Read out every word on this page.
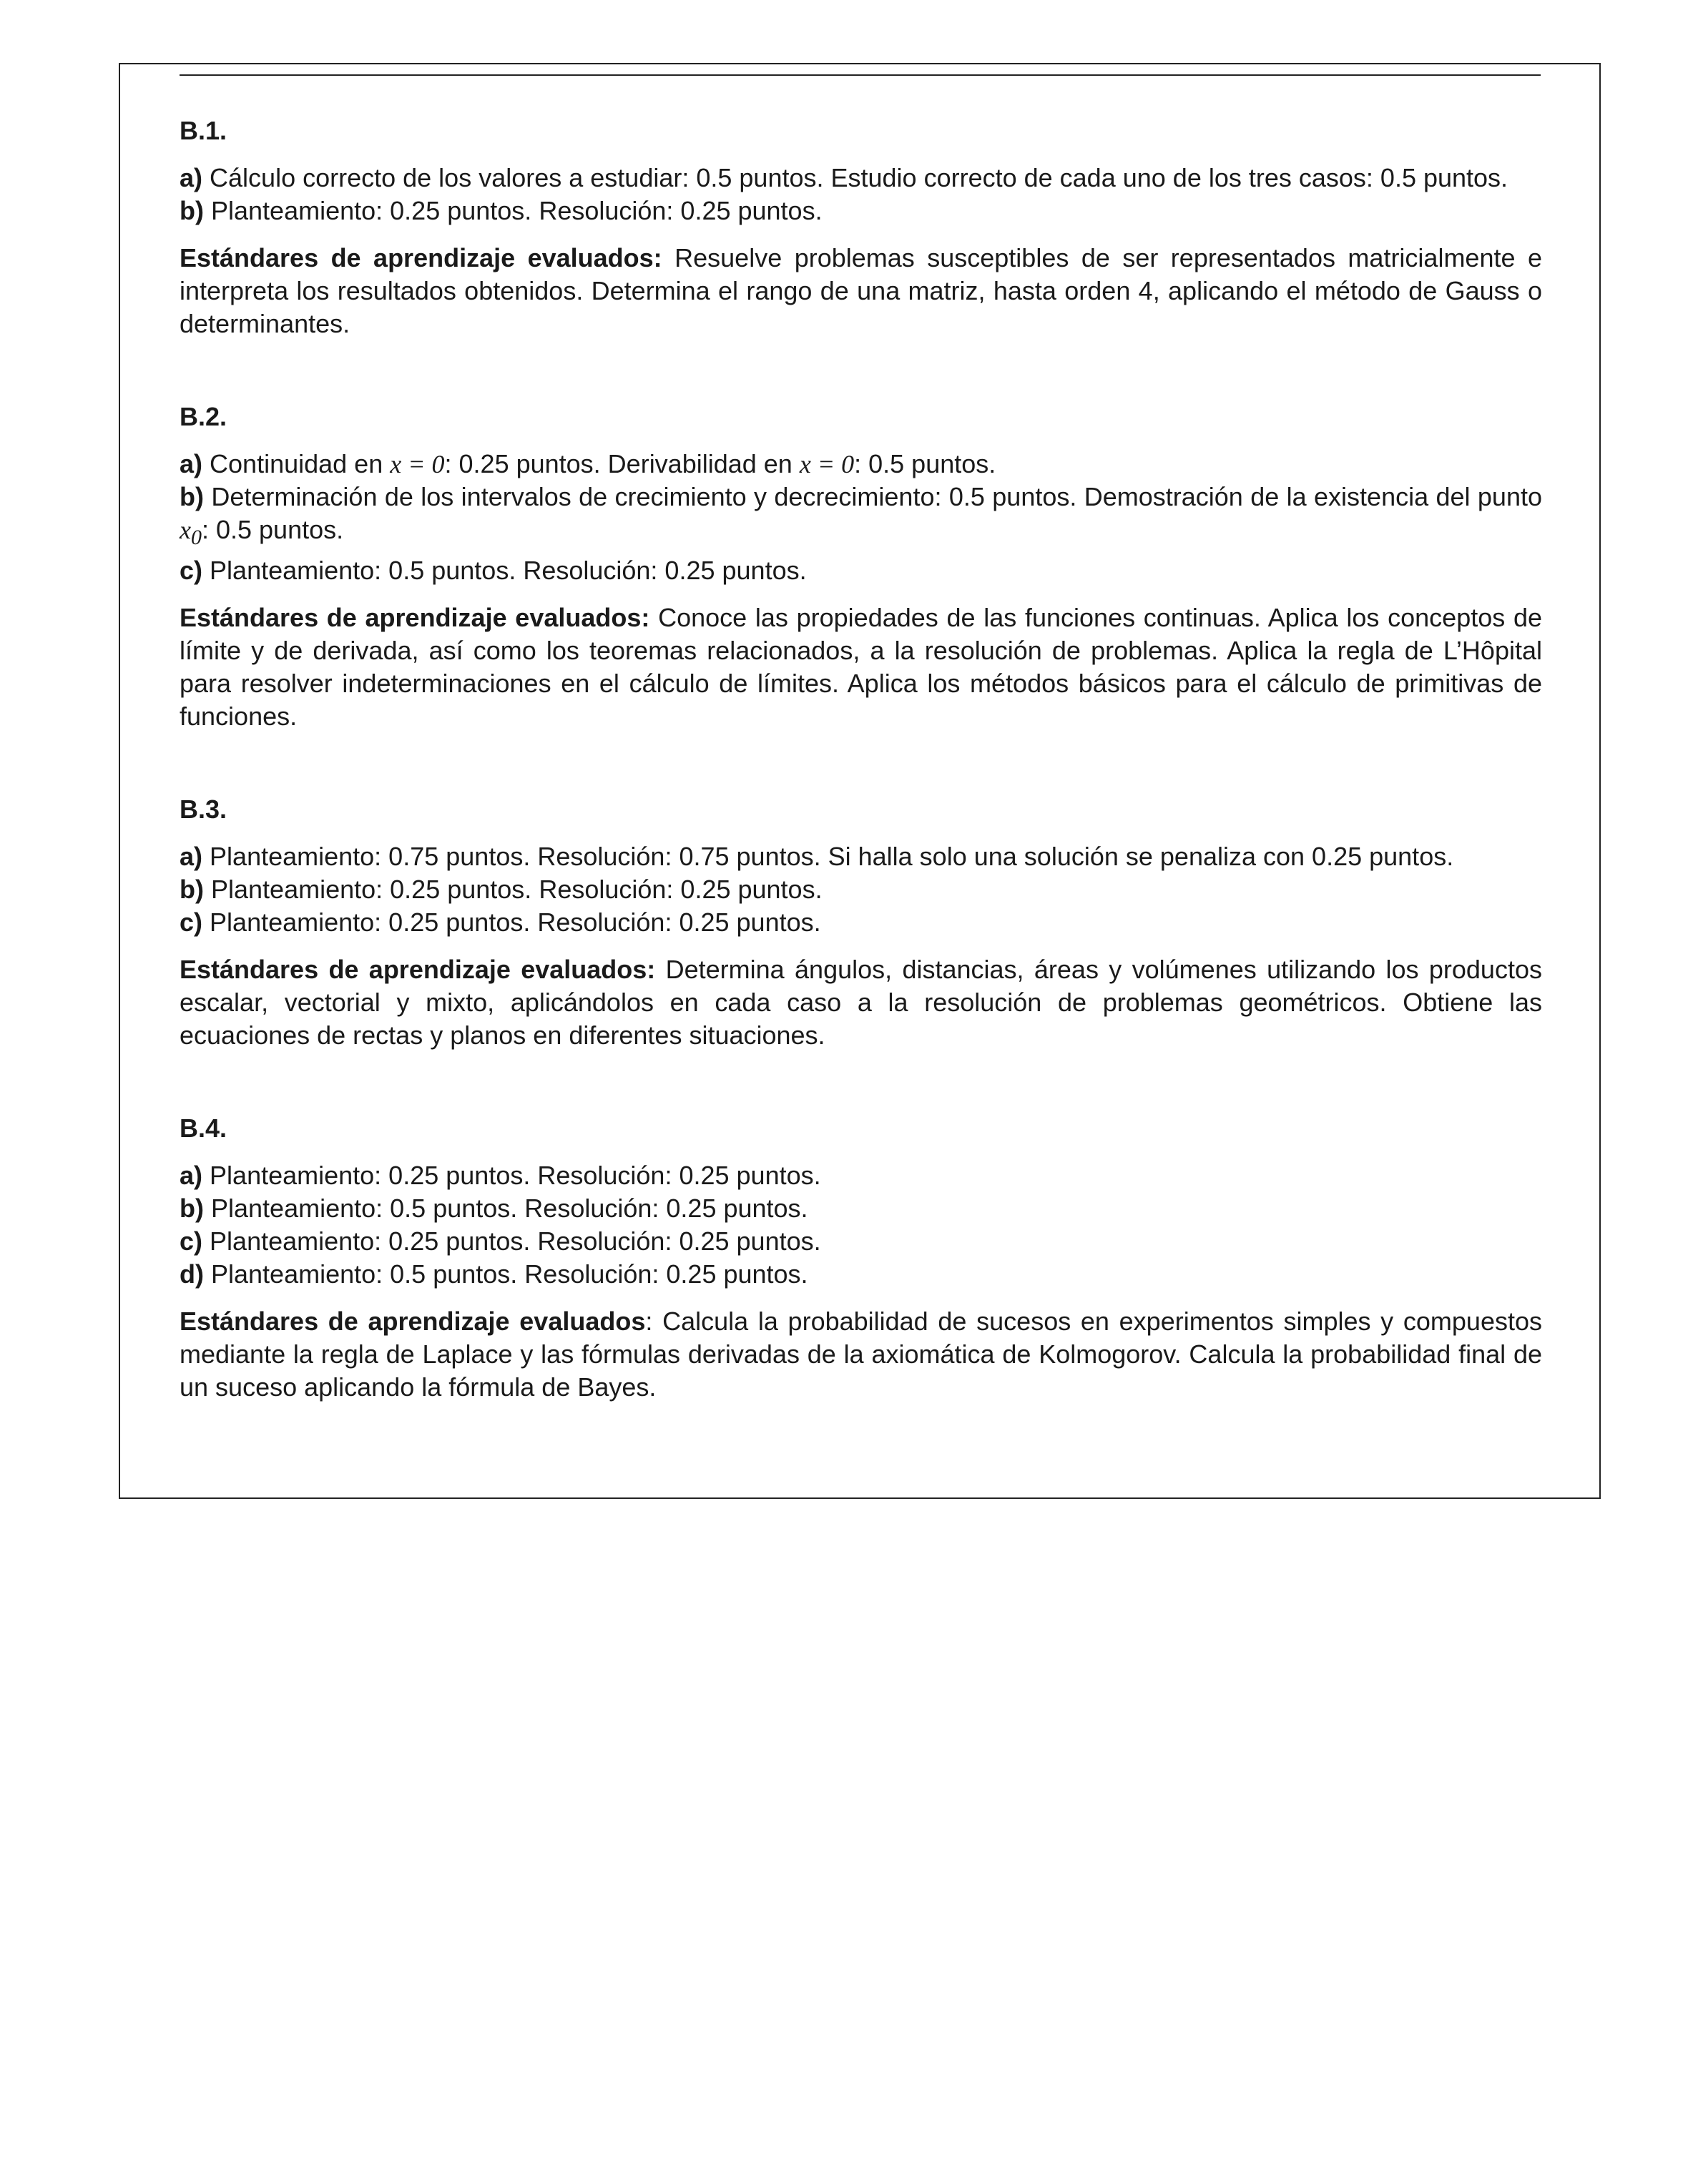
B.1.
a) Cálculo correcto de los valores a estudiar: 0.5 puntos. Estudio correcto de cada uno de los tres casos: 0.5 puntos.
b) Planteamiento: 0.25 puntos. Resolución: 0.25 puntos.
Estándares de aprendizaje evaluados: Resuelve problemas susceptibles de ser representados matricialmente e interpreta los resultados obtenidos. Determina el rango de una matriz, hasta orden 4, aplicando el método de Gauss o determinantes.
B.2.
a) Continuidad en x = 0: 0.25 puntos. Derivabilidad en x = 0: 0.5 puntos.
b) Determinación de los intervalos de crecimiento y decrecimiento: 0.5 puntos. Demostración de la existencia del punto $x_0$: 0.5 puntos.
c) Planteamiento: 0.5 puntos. Resolución: 0.25 puntos.
Estándares de aprendizaje evaluados: Conoce las propiedades de las funciones continuas. Aplica los conceptos de límite y de derivada, así como los teoremas relacionados, a la resolución de problemas. Aplica la regla de L’Hôpital para resolver indeterminaciones en el cálculo de límites. Aplica los métodos básicos para el cálculo de primitivas de funciones.
B.3.
a) Planteamiento: 0.75 puntos. Resolución: 0.75 puntos. Si halla solo una solución se penaliza con 0.25 puntos.
b) Planteamiento: 0.25 puntos. Resolución: 0.25 puntos.
c) Planteamiento: 0.25 puntos. Resolución: 0.25 puntos.
Estándares de aprendizaje evaluados: Determina ángulos, distancias, áreas y volúmenes utilizando los productos escalar, vectorial y mixto, aplicándolos en cada caso a la resolución de problemas geométricos. Obtiene las ecuaciones de rectas y planos en diferentes situaciones.
B.4.
a) Planteamiento: 0.25 puntos. Resolución: 0.25 puntos.
b) Planteamiento: 0.5 puntos. Resolución: 0.25 puntos.
c) Planteamiento: 0.25 puntos. Resolución: 0.25 puntos.
d) Planteamiento: 0.5 puntos. Resolución: 0.25 puntos.
Estándares de aprendizaje evaluados: Calcula la probabilidad de sucesos en experimentos simples y compuestos mediante la regla de Laplace y las fórmulas derivadas de la axiomática de Kolmogorov. Calcula la probabilidad final de un suceso aplicando la fórmula de Bayes.
